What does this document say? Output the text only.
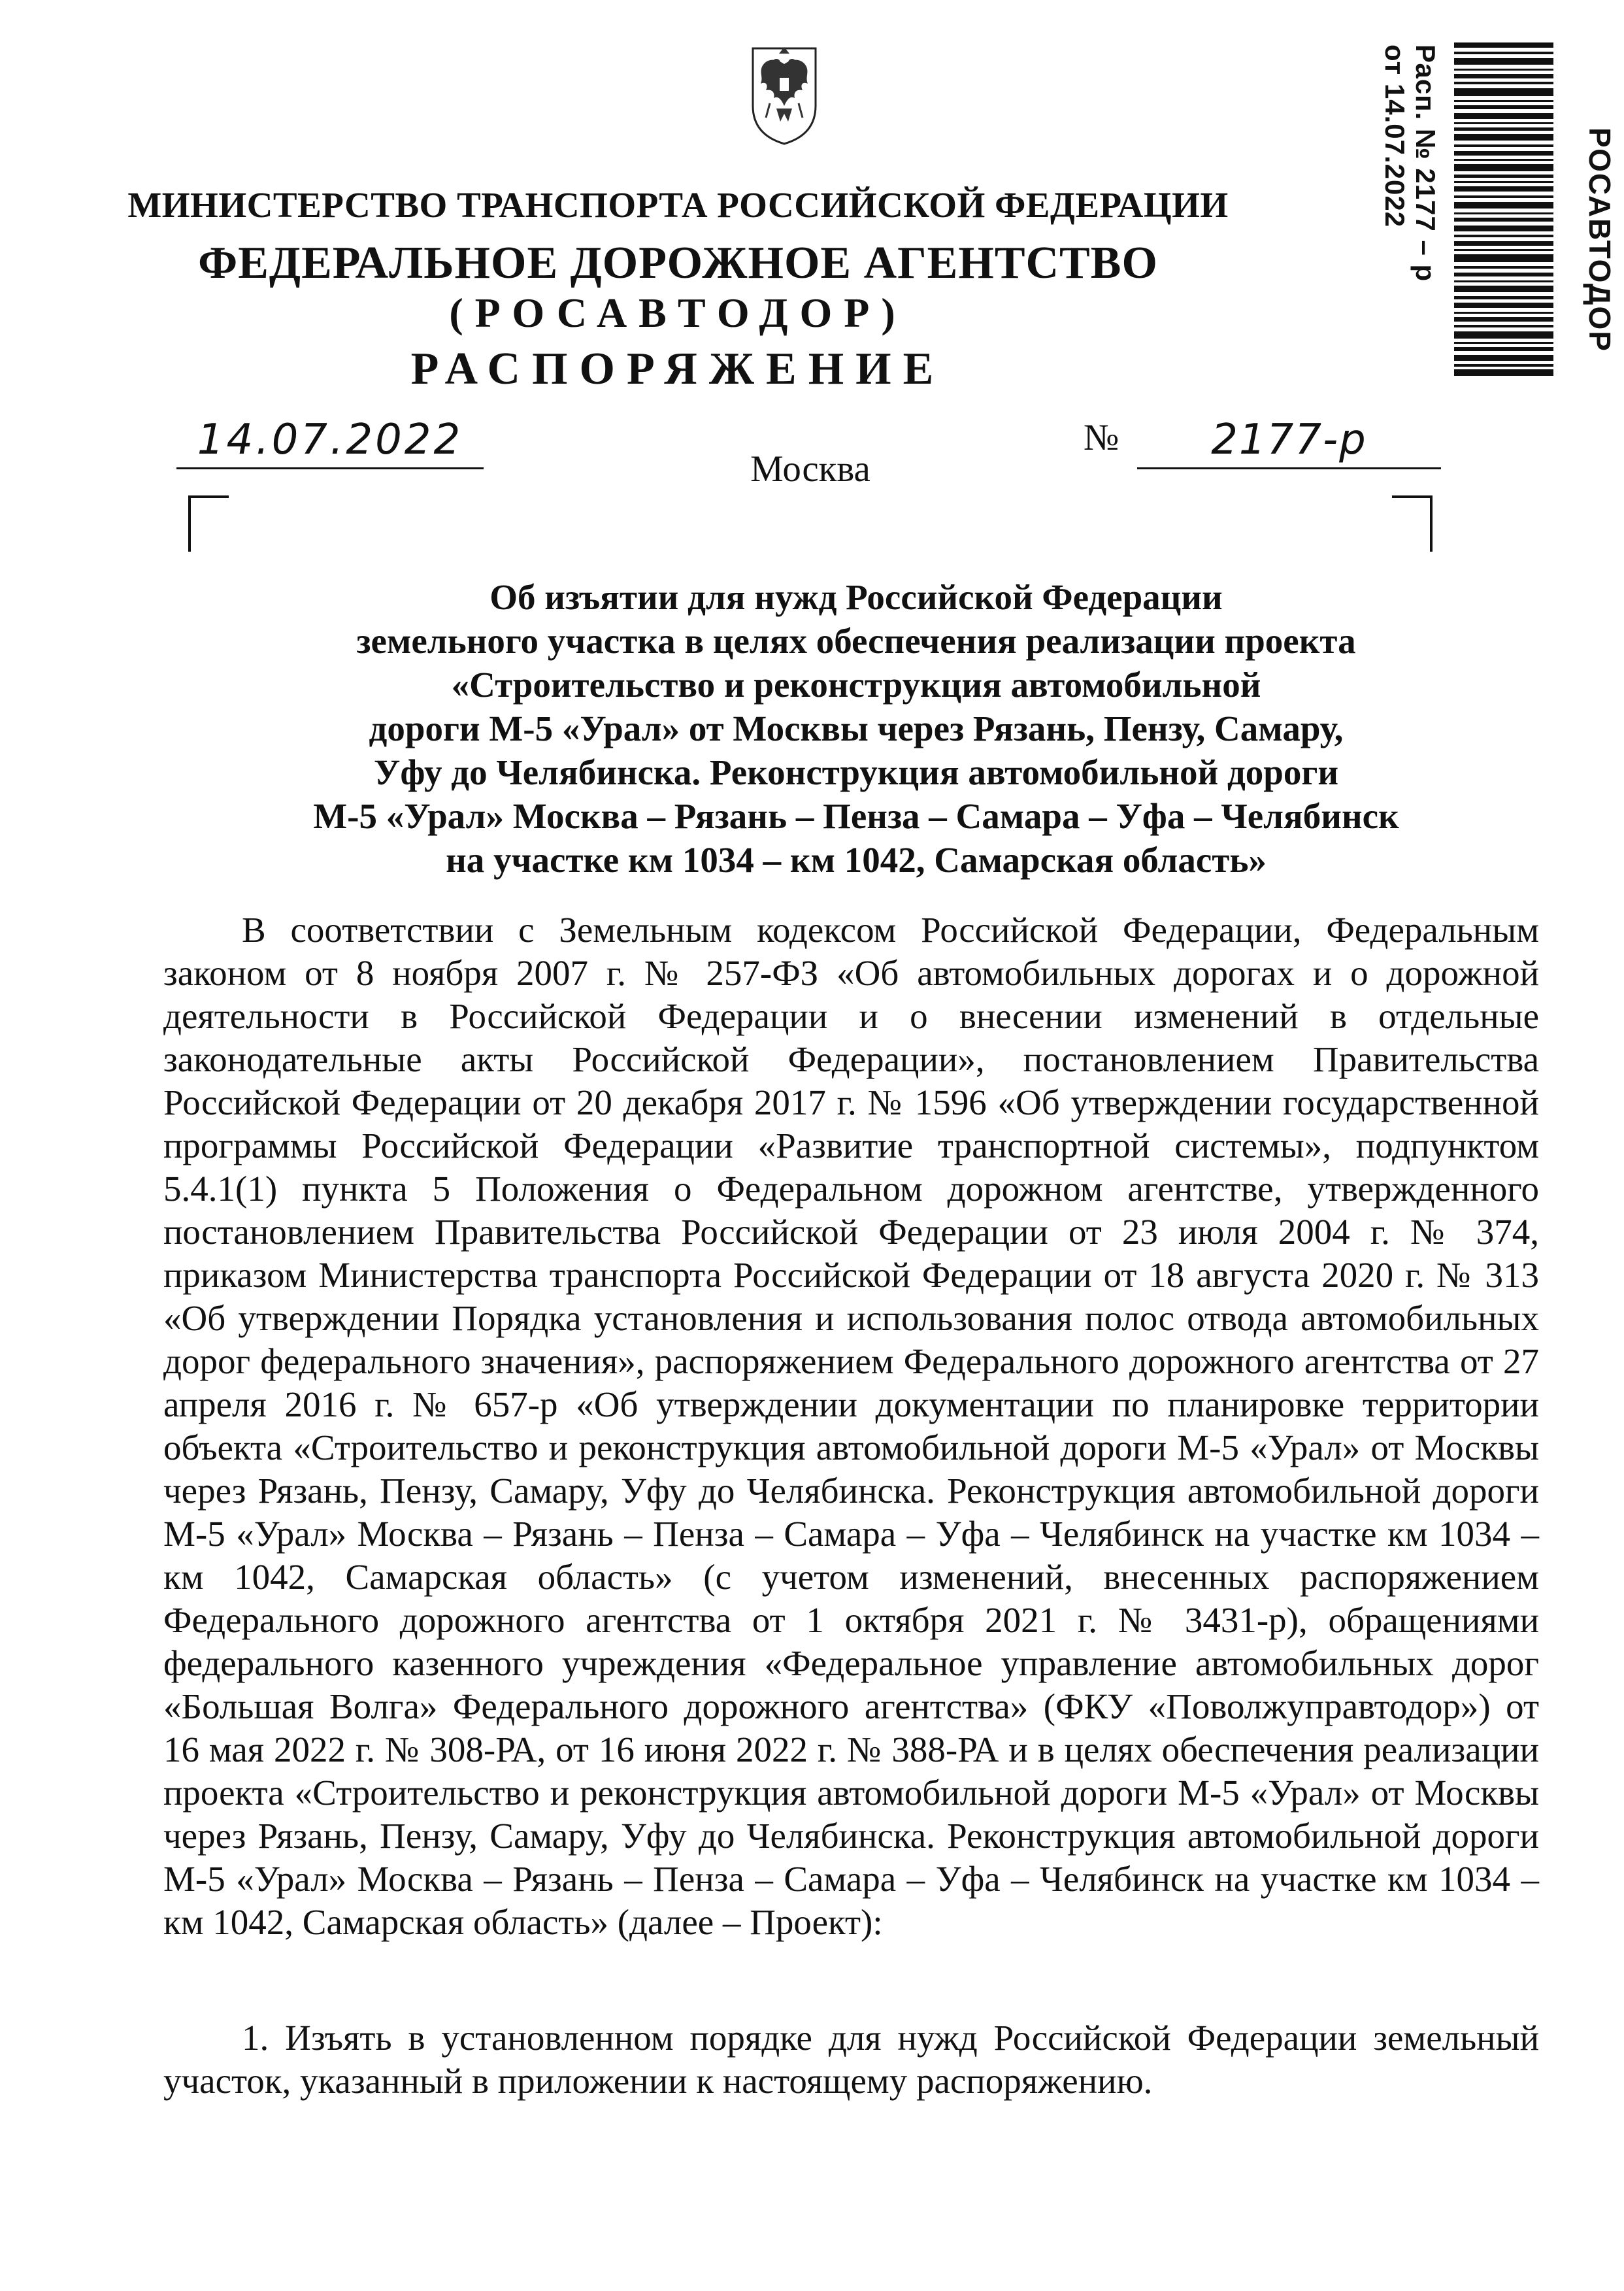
МИНИСТЕРСТВО ТРАНСПОРТА РОССИЙСКОЙ ФЕДЕРАЦИИ
ФЕДЕРАЛЬНОЕ ДОРОЖНОЕ АГЕНТСТВО
(РОСАВТОДОР)
РАСПОРЯЖЕНИЕ
14.07.2022
Москва
№	2177-р
Об изъятии для нужд Российской Федерации
земельного участка в целях обеспечения реализации проекта
«Строительство и реконструкция автомобильной
дороги М-5 «Урал» от Москвы через Рязань, Пензу, Самару,
Уфу до Челябинска. Реконструкция автомобильной дороги
М-5 «Урал» Москва – Рязань – Пенза – Самара – Уфа – Челябинск
на участке км 1034 – км 1042, Самарская область»
В соответствии с Земельным кодексом Российской Федерации, Федеральным законом от 8 ноября 2007 г. № 257-ФЗ «Об автомобильных дорогах и о дорожной деятельности в Российской Федерации и о внесении изменений в отдельные законодательные акты Российской Федерации», постановлением Правительства Российской Федерации от 20 декабря 2017 г. № 1596 «Об утверждении государственной программы Российской Федерации «Развитие транспортной системы», подпунктом 5.4.1(1) пункта 5 Положения о Федеральном дорожном агентстве, утвержденного постановлением Правительства Российской Федерации от 23 июля 2004 г. № 374, приказом Министерства транспорта Российской Федерации от 18 августа 2020 г. № 313 «Об утверждении Порядка установления и использования полос отвода автомобильных дорог федерального значения», распоряжением Федерального дорожного агентства от 27 апреля 2016 г. № 657-р «Об утверждении документации по планировке территории объекта «Строительство и реконструкция автомобильной дороги М-5 «Урал» от Москвы через Рязань, Пензу, Самару, Уфу до Челябинска. Реконструкция автомобильной дороги М-5 «Урал» Москва – Рязань – Пенза – Самара – Уфа – Челябинск на участке км 1034 – км 1042, Самарская область» (с учетом изменений, внесенных распоряжением Федерального дорожного агентства от 1 октября 2021 г. № 3431-р), обращениями федерального казенного учреждения «Федеральное управление автомобильных дорог «Большая Волга» Федерального дорожного агентства» (ФКУ «Поволжуправтодор») от 16 мая 2022 г. № 308-РА, от 16 июня 2022 г. № 388-РА и в целях обеспечения реализации проекта «Строительство и реконструкция автомобильной дороги М-5 «Урал» от Москвы через Рязань, Пензу, Самару, Уфу до Челябинска. Реконструкция автомобильной дороги М-5 «Урал» Москва – Рязань – Пенза – Самара – Уфа – Челябинск на участке км 1034 – км 1042, Самарская область» (далее – Проект):
1. Изъять в установленном порядке для нужд Российской Федерации земельный участок, указанный в приложении к настоящему распоряжению.
РОСАВТОДОР
Расп. № 2177 – р
от 14.07.2022
